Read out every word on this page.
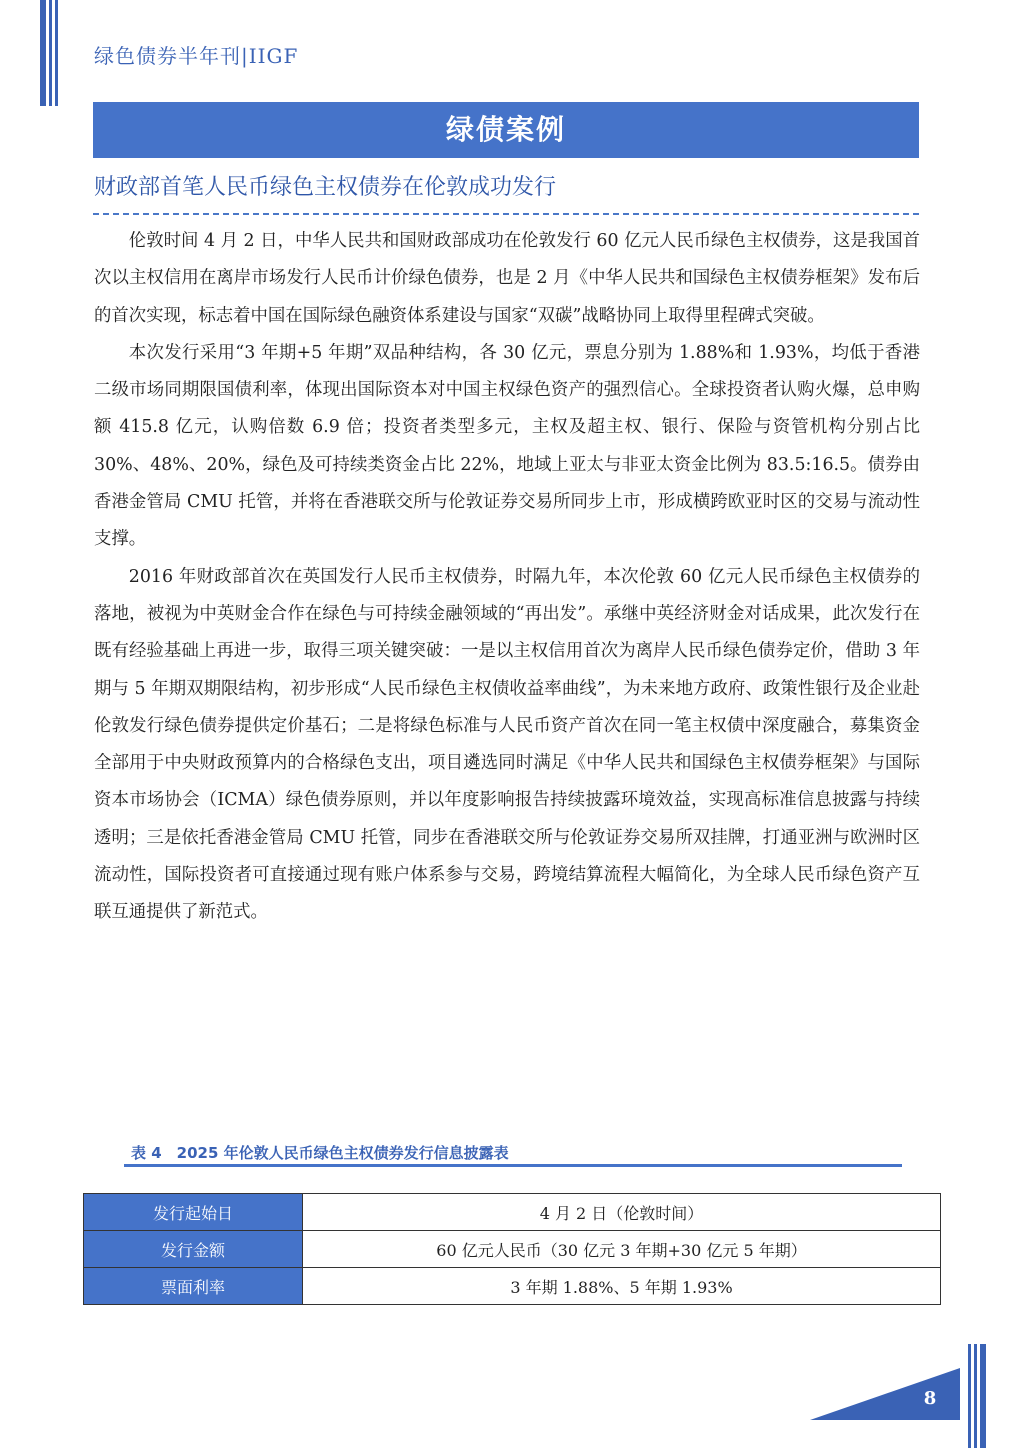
绿色债券半年刊|IIGF
绿债案例
财政部首笔人民币绿色主权债券在伦敦成功发行

伦敦时间 4 月 2 日，中华人民共和国财政部成功在伦敦发行 60 亿元人民币绿色主权债券，这是我国首次以主权信用在离岸市场发行人民币计价绿色债券，也是 2 月《中华人民共和国绿色主权债券框架》发布后的首次实现，标志着中国在国际绿色融资体系建设与国家“双碳”战略协同上取得里程碑式突破。

本次发行采用“3 年期+5 年期”双品种结构，各 30 亿元，票息分别为 1.88%和 1.93%，均低于香港二级市场同期限国债利率，体现出国际资本对中国主权绿色资产的强烈信心。全球投资者认购火爆，总申购额 415.8 亿元，认购倍数 6.9 倍；投资者类型多元，主权及超主权、银行、保险与资管机构分别占比 30%、48%、20%，绿色及可持续类资金占比 22%，地域上亚太与非亚太资金比例为 83.5:16.5。债券由香港金管局 CMU 托管，并将在香港联交所与伦敦证券交易所同步上市，形成横跨欧亚时区的交易与流动性支撑。

2016 年财政部首次在英国发行人民币主权债券，时隔九年，本次伦敦 60 亿元人民币绿色主权债券的落地，被视为中英财金合作在绿色与可持续金融领域的“再出发”。承继中英经济财金对话成果，此次发行在既有经验基础上再进一步，取得三项关键突破：一是以主权信用首次为离岸人民币绿色债券定价，借助 3 年期与 5 年期双期限结构，初步形成“人民币绿色主权债收益率曲线”，为未来地方政府、政策性银行及企业赴伦敦发行绿色债券提供定价基石；二是将绿色标准与人民币资产首次在同一笔主权债中深度融合，募集资金全部用于中央财政预算内的合格绿色支出，项目遴选同时满足《中华人民共和国绿色主权债券框架》与国际资本市场协会（ICMA）绿色债券原则，并以年度影响报告持续披露环境效益，实现高标准信息披露与持续透明；三是依托香港金管局 CMU 托管，同步在香港联交所与伦敦证券交易所双挂牌，打通亚洲与欧洲时区流动性，国际投资者可直接通过现有账户体系参与交易，跨境结算流程大幅简化，为全球人民币绿色资产互联互通提供了新范式。

表 4　2025 年伦敦人民币绿色主权债券发行信息披露表
发行起始日	4 月 2 日（伦敦时间）
发行金额	60 亿元人民币（30 亿元 3 年期+30 亿元 5 年期）
票面利率	3 年期 1.88%、5 年期 1.93%
8
